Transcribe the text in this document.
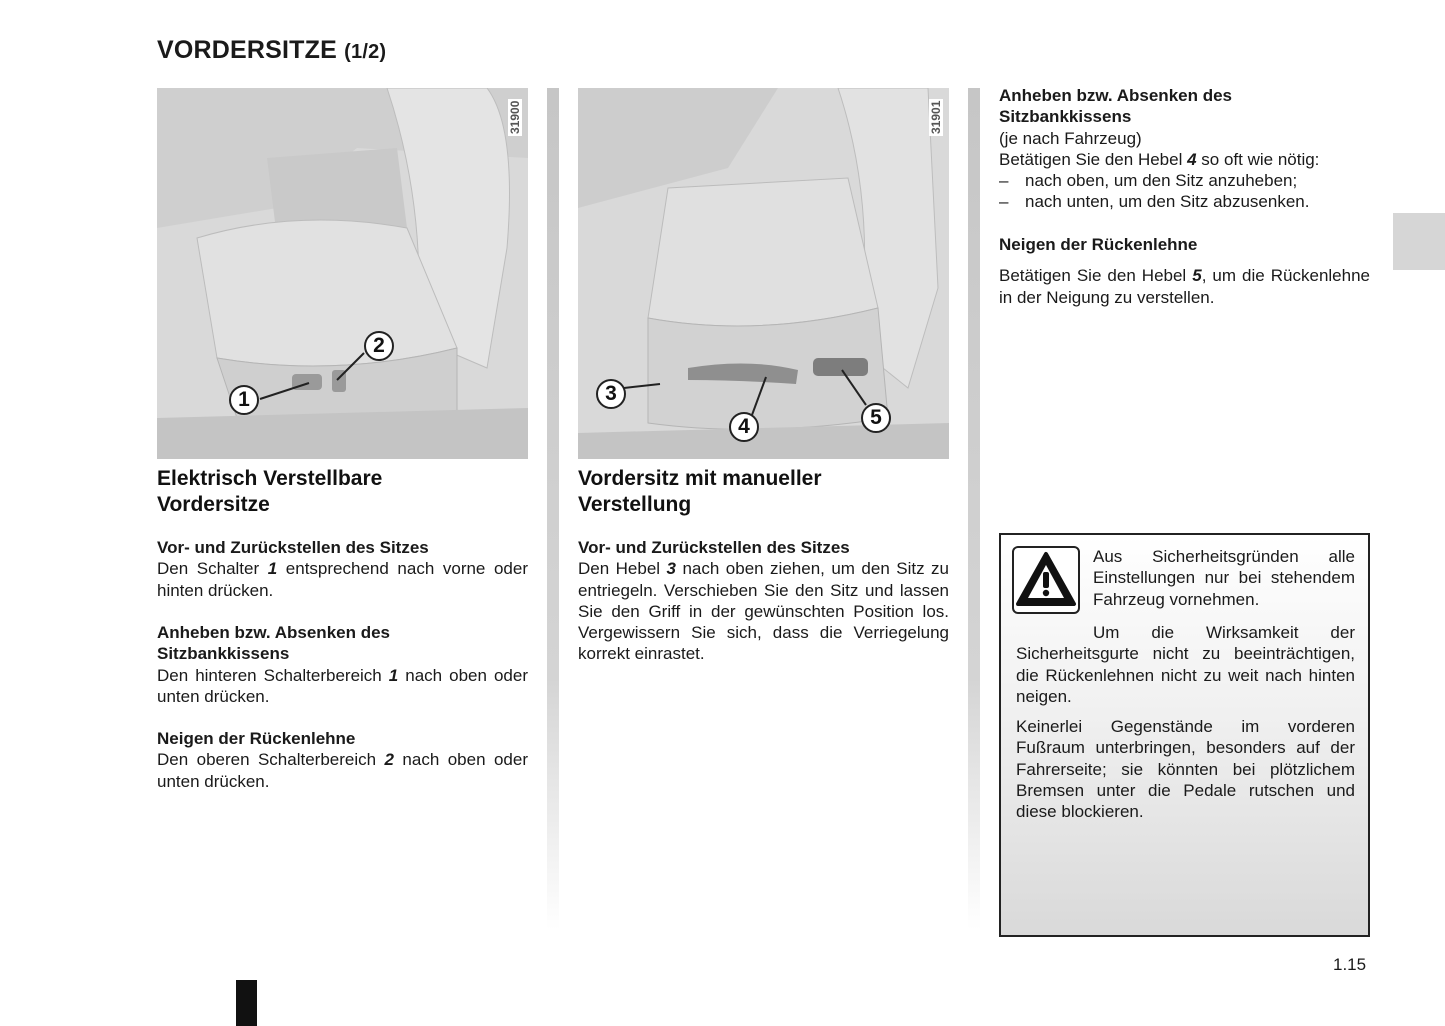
VORDERSITZE (1/2)
31900
1
2
31901
3
4	5
Elektrisch Verstellbare
Vordersitze
Vor- und Zurückstellen des Sitzes
Den Schalter 1 entsprechend nach vorne oder hinten drücken.
Anheben bzw. Absenken des
Sitzbankkissens
Den hinteren Schalterbereich 1 nach oben oder unten drücken.
Neigen der Rückenlehne
Den oberen Schalterbereich 2 nach oben oder unten drücken.
Vordersitz mit manueller
Verstellung
Vor- und Zurückstellen des Sitzes
Den Hebel 3 nach oben ziehen, um den Sitz zu entriegeln. Verschieben Sie den Sitz und lassen Sie den Griff in der gewünschten Position los. Vergewissern Sie sich, dass die Verriegelung korrekt einrastet.
Anheben bzw. Absenken des
Sitzbankkissens
(je nach Fahrzeug)
Betätigen Sie den Hebel 4 so oft wie nötig:
– nach oben, um den Sitz anzuheben;
– nach unten, um den Sitz abzusenken.
Neigen der Rückenlehne
Betätigen Sie den Hebel 5, um die Rückenlehne in der Neigung zu verstellen.
Aus Sicherheitsgründen alle Einstellungen nur bei stehendem Fahrzeug vornehmen.
Um die Wirksamkeit der Sicherheitsgurte nicht zu beeinträchtigen, die Rückenlehnen nicht zu weit nach hinten neigen.
Keinerlei Gegenstände im vorderen Fußraum unterbringen, besonders auf der Fahrerseite; sie könnten bei plötzlichem Bremsen unter die Pedale rutschen und diese blockieren.
1.15
